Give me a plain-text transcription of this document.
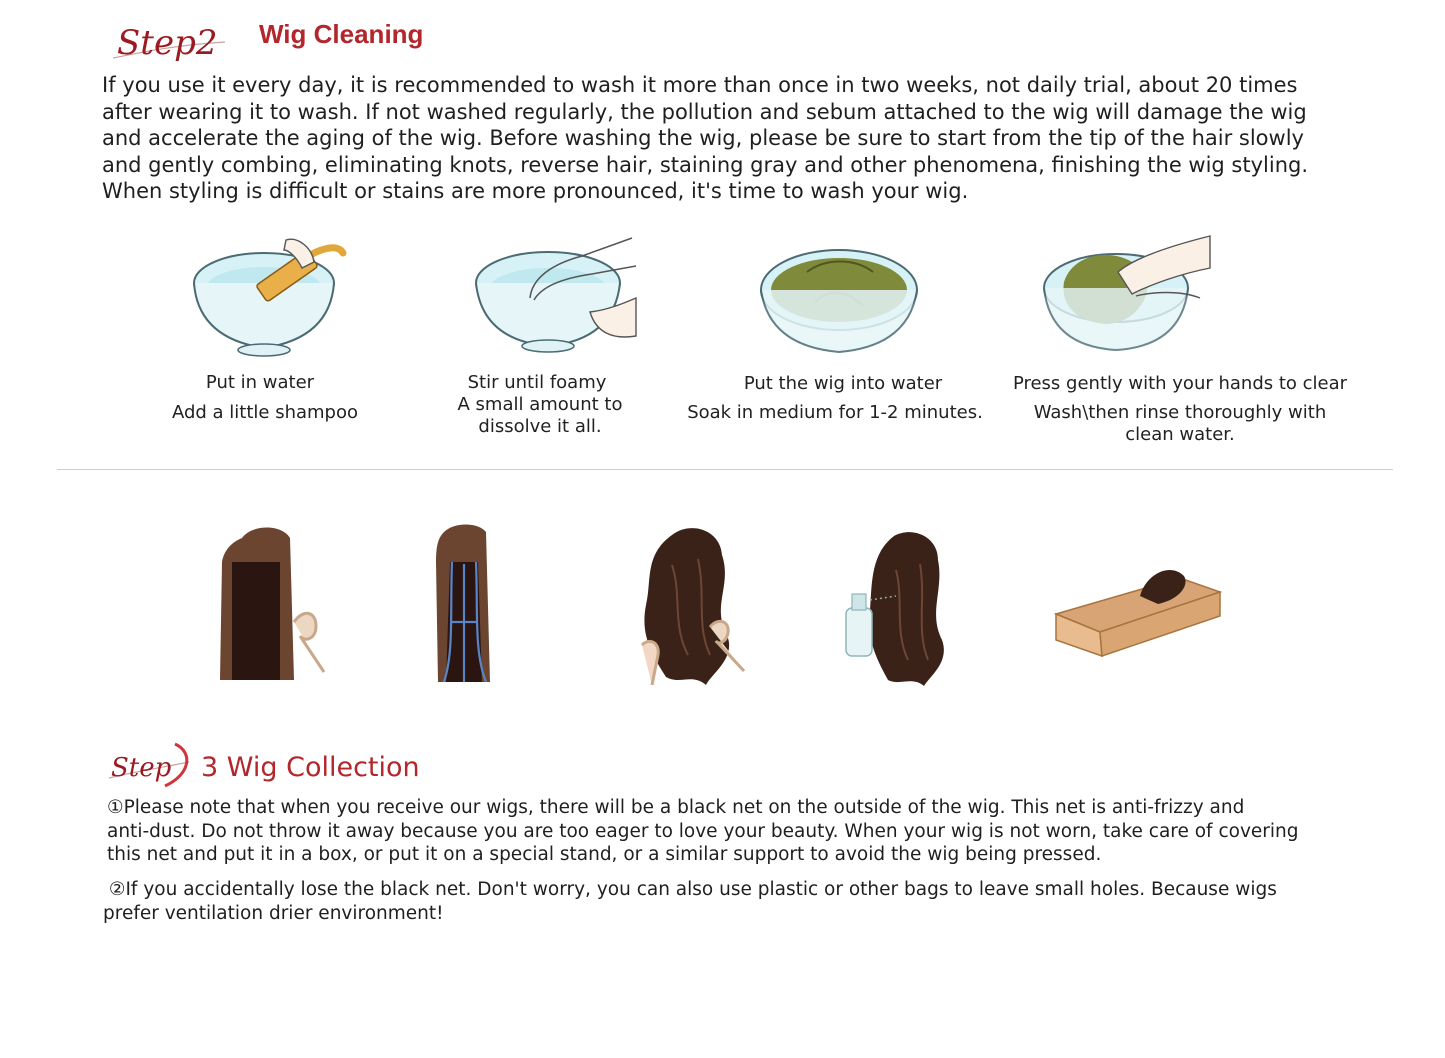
Step2 Wig Cleaning

If you use it every day, it is recommended to wash it more than once in two weeks, not daily trial, about 20 times

after wearing it to wash. If not washed regularly, the pollution and sebum attached to the wig will damage the wig

and accelerate the aging of the wig. Before washing the wig, please be sure to start from the tip of the hair slowly

and gently combing, eliminating knots, reverse hair, staining gray and other phenomena, finishing the wig styling.

When styling is difficult or stains are more pronounced, it's time to wash your wig.

Put in water
Add a little shampoo
Stir until foamy
A small amount to
dissolve it all.
Put the wig into water
Soak in medium for 1-2 minutes.
Press gently with your hands to clear
Wash\then rinse thoroughly with
clean water.
Step 3 Wig Collection

①Please note that when you receive our wigs, there will be a black net on the outside of the wig. This net is anti-frizzy and

anti-dust. Do not throw it away because you are too eager to love your beauty. When your wig is not worn, take care of covering

this net and put it in a box, or put it on a special stand, or a similar support to avoid the wig being pressed.

②If you accidentally lose the black net. Don't worry, you can also use plastic or other bags to leave small holes. Because wigs

prefer ventilation drier environment!
